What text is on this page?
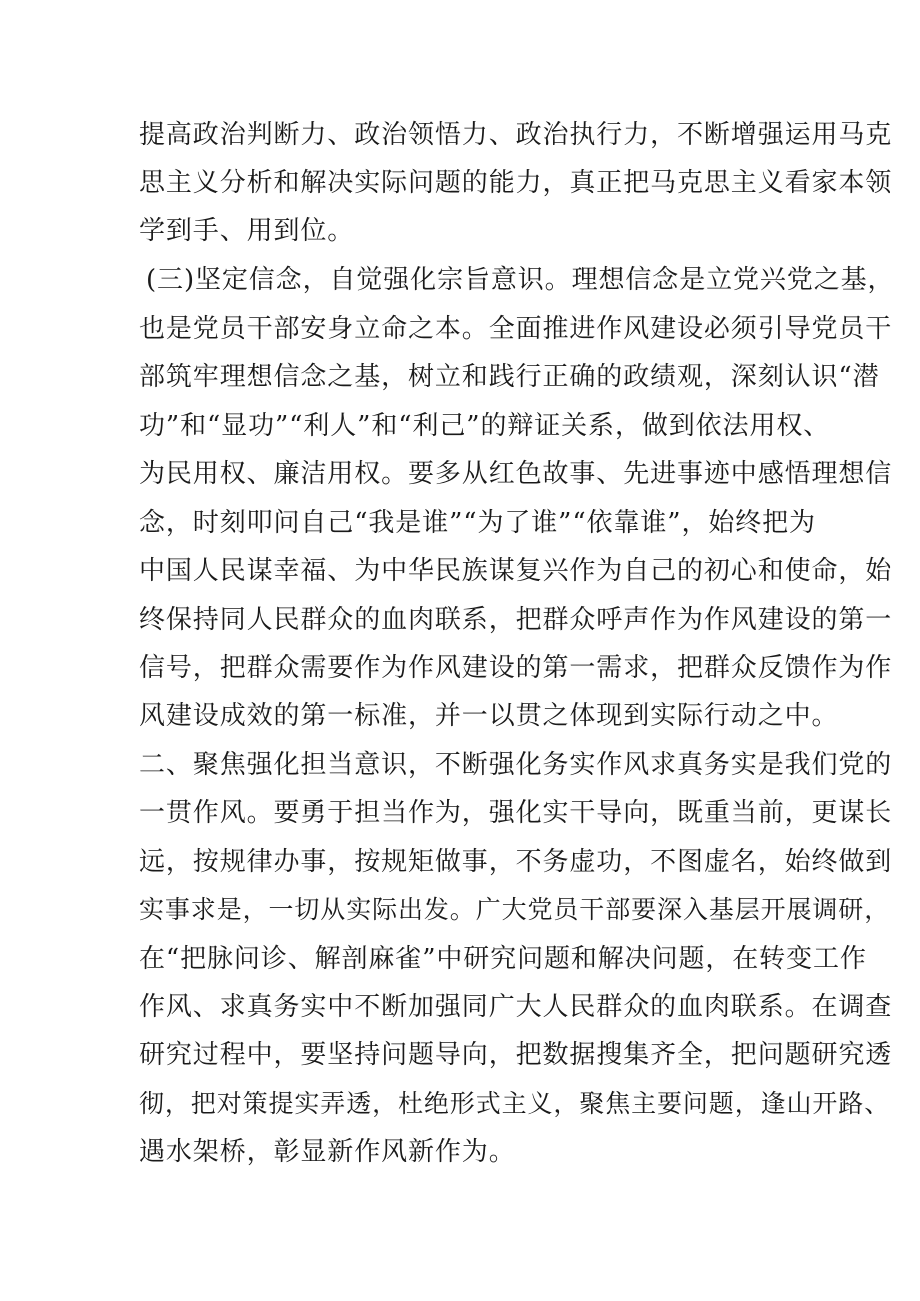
提高政治判断力、政治领悟力、政治执行力，不断增强运用马克
思主义分析和解决实际问题的能力，真正把马克思主义看家本领
学到手、用到位。
(三)坚定信念，自觉强化宗旨意识。理想信念是立党兴党之基，
也是党员干部安身立命之本。全面推进作风建设必须引导党员干
部筑牢理想信念之基，树立和践行正确的政绩观，深刻认识“潜
功”和“显功”“利人”和“利己”的辩证关系，做到依法用权、
为民用权、廉洁用权。要多从红色故事、先进事迹中感悟理想信
念，时刻叩问自己“我是谁”“为了谁”“依靠谁”，始终把为
中国人民谋幸福、为中华民族谋复兴作为自己的初心和使命，始
终保持同人民群众的血肉联系，把群众呼声作为作风建设的第一
信号，把群众需要作为作风建设的第一需求，把群众反馈作为作
风建设成效的第一标准，并一以贯之体现到实际行动之中。
二、聚焦强化担当意识，不断强化务实作风求真务实是我们党的
一贯作风。要勇于担当作为，强化实干导向，既重当前，更谋长
远，按规律办事，按规矩做事，不务虚功，不图虚名，始终做到
实事求是，一切从实际出发。广大党员干部要深入基层开展调研，
在“把脉问诊、解剖麻雀”中研究问题和解决问题，在转变工作
作风、求真务实中不断加强同广大人民群众的血肉联系。在调查
研究过程中，要坚持问题导向，把数据搜集齐全，把问题研究透
彻，把对策提实弄透，杜绝形式主义，聚焦主要问题，逢山开路、
遇水架桥，彰显新作风新作为。
